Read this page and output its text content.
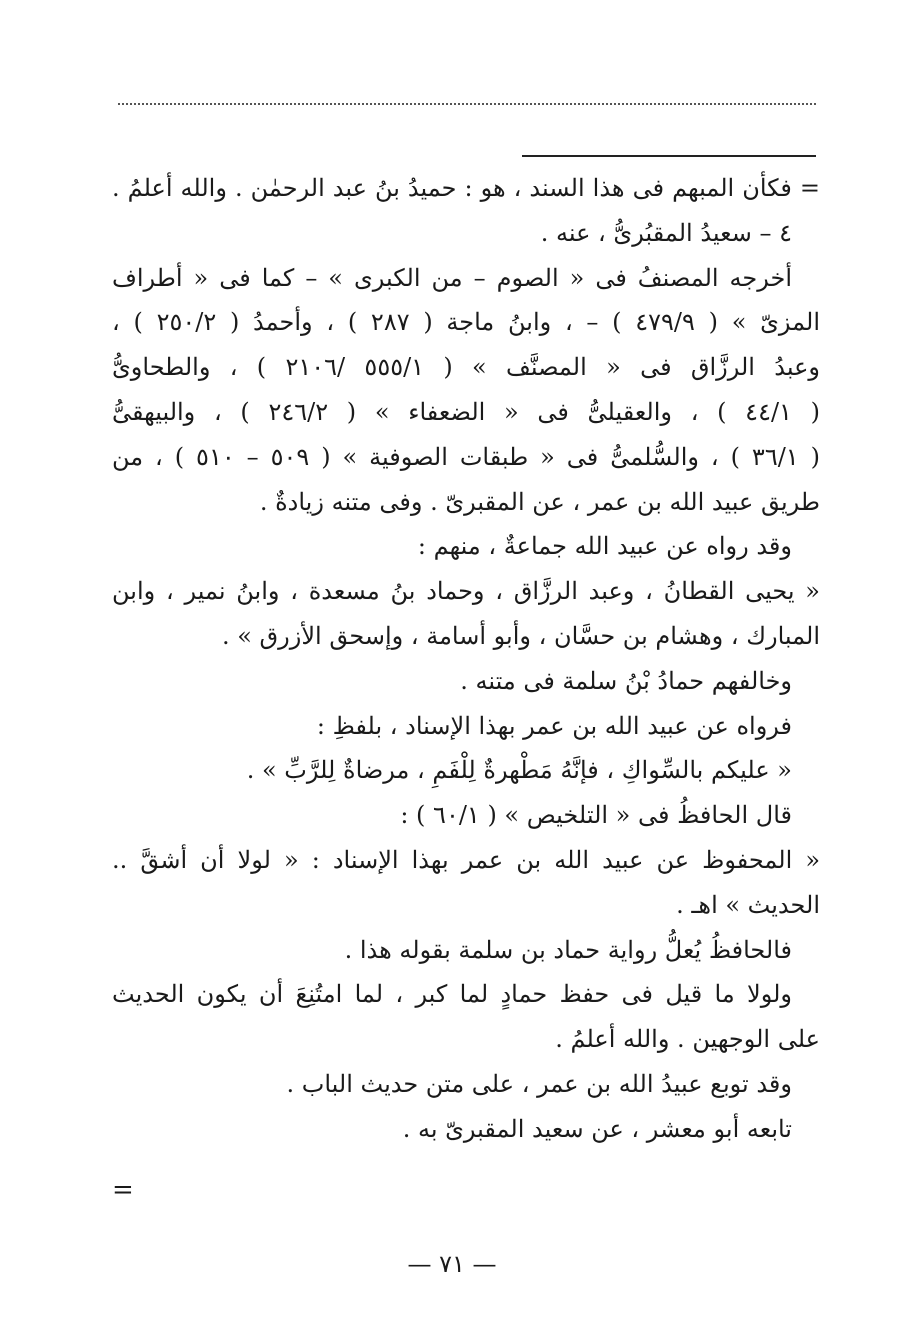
= فكأن المبهم فى هذا السند ، هو : حميدُ بنُ عبد الرحمٰن . والله أعلمُ .
٤ – سعيدُ المقبُرىُّ ، عنه .
أخرجه المصنفُ فى « الصوم – من الكبرى » – كما فى « أطراف
المزىّ » ( ٤٧٩/٩ ) – ، وابنُ ماجة ( ٢٨٧ ) ، وأحمدُ ( ٢٥٠/٢ ) ،
وعبدُ الرزَّاق فى « المصنَّف » ( ٥٥٥/١ /٢١٠٦ ) ، والطحاوىُّ
( ٤٤/١ ) ، والعقيلىُّ فى « الضعفاء » ( ٢٤٦/٢ ) ، والبيهقىُّ
( ٣٦/١ ) ، والسُّلمىُّ فى « طبقات الصوفية » ( ٥٠٩ – ٥١٠ ) ، من
طريق عبيد الله بن عمر ، عن المقبرىّ . وفى متنه زيادةٌ .
وقد رواه عن عبيد الله جماعةٌ ، منهم :
« يحيى القطانُ ، وعبد الرزَّاق ، وحماد بنُ مسعدة ، وابنُ نمير ، وابن
المبارك ، وهشام بن حسَّان ، وأبو أسامة ، وإسحق الأزرق » .
وخالفهم حمادُ بْنُ سلمة فى متنه .
فرواه عن عبيد الله بن عمر بهذا الإسناد ، بلفظِ :
« عليكم بالسِّواكِ ، فإنَّهُ مَطْهرةٌ لِلْفَمِ ، مرضاةٌ لِلرَّبِّ » .
قال الحافظُ فى « التلخيص » ( ٦٠/١ ) :
« المحفوظ عن عبيد الله بن عمر بهذا الإسناد : « لولا أن أشقَّ ..
الحديث » اهـ .
فالحافظُ يُعلُّ رواية حماد بن سلمة بقوله هذا .
ولولا ما قيل فى حفظ حمادٍ لما كبر ، لما امتُنِعَ أن يكون الحديث
على الوجهين . والله أعلمُ .
وقد توبع عبيدُ الله بن عمر ، على متن حديث الباب .
تابعه أبو معشر ، عن سعيد المقبرىّ به .
=
— ٧١ —
